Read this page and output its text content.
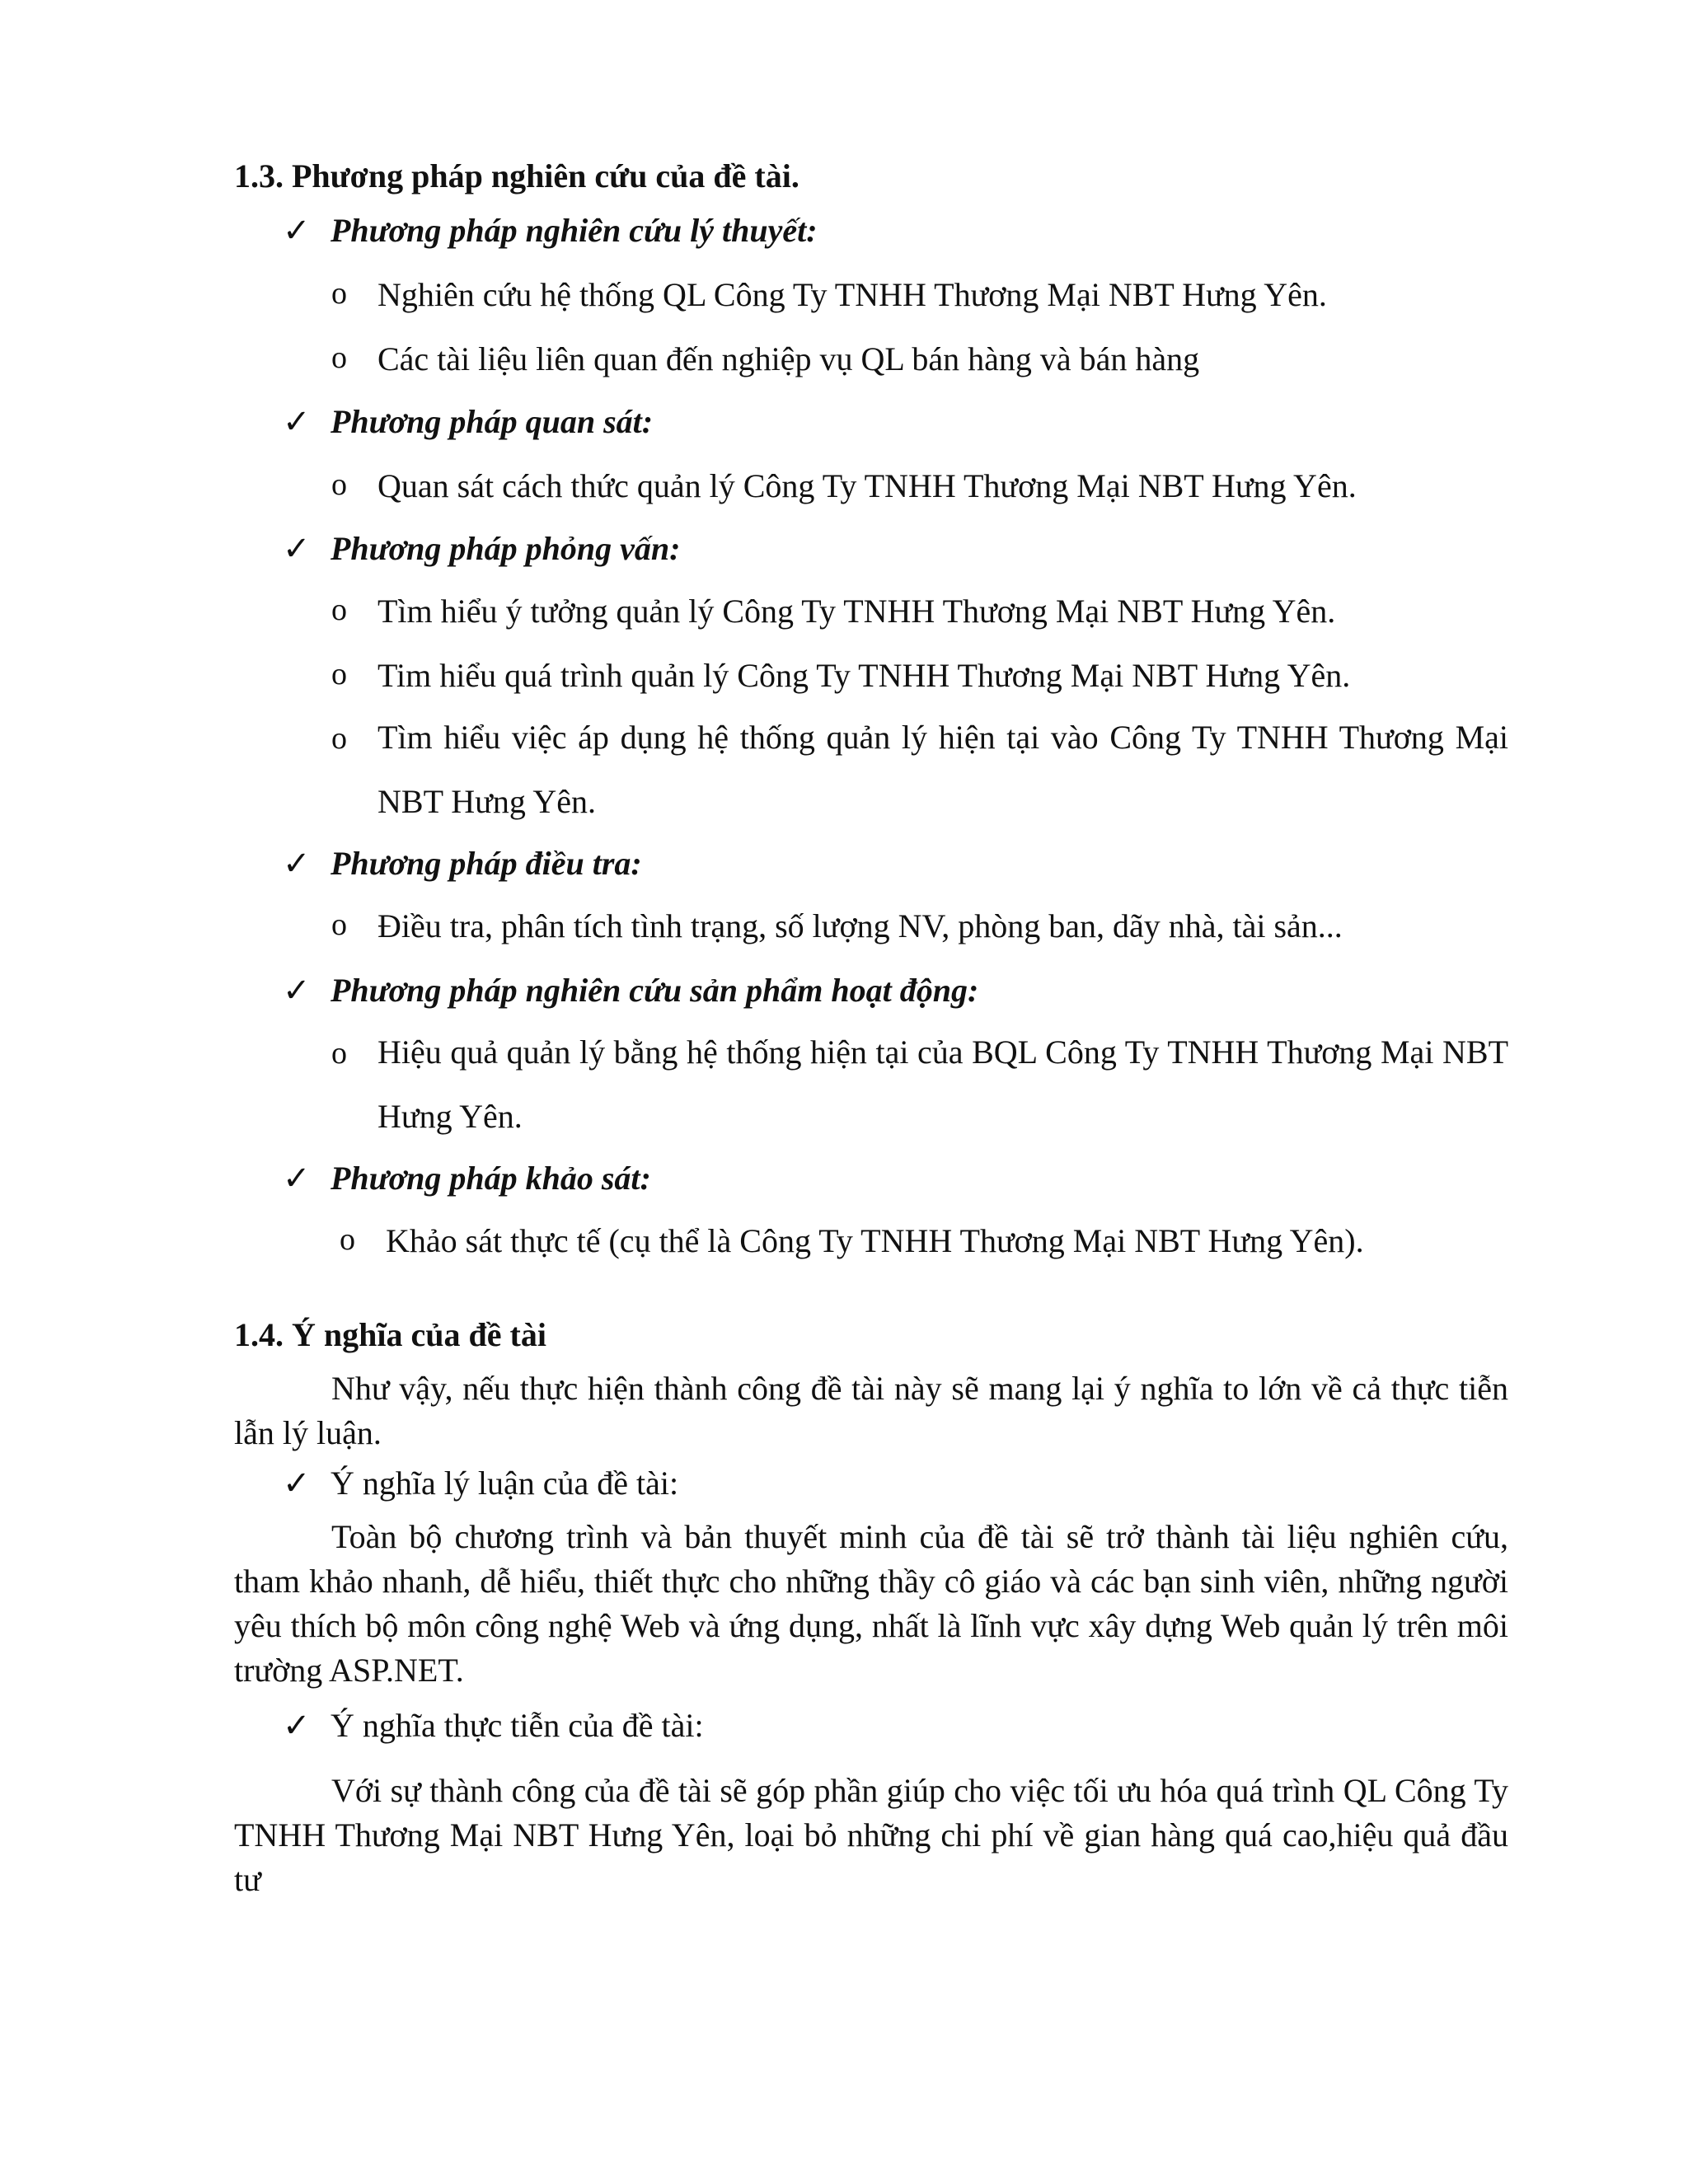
1.3. Phương pháp nghiên cứu của đề tài.
✓ Phương pháp nghiên cứu lý thuyết:
o Nghiên cứu hệ thống QL Công Ty TNHH Thương Mại NBT Hưng Yên.
o Các tài liệu liên quan đến nghiệp vụ QL bán hàng và bán hàng
✓ Phương pháp quan sát:
o Quan sát cách thức quản lý Công Ty TNHH Thương Mại NBT Hưng Yên.
✓ Phương pháp phỏng vấn:
o Tìm hiểu ý tưởng quản lý Công Ty TNHH Thương Mại NBT Hưng Yên.
o Tim hiểu quá trình quản lý Công Ty TNHH Thương Mại NBT Hưng Yên.
o Tìm hiểu việc áp dụng hệ thống quản lý hiện tại vào Công Ty TNHH Thương Mại NBT Hưng Yên.
✓ Phương pháp điều tra:
o Điều tra, phân tích tình trạng, số lượng NV, phòng ban, dãy nhà, tài sản...
✓ Phương pháp nghiên cứu sản phẩm hoạt động:
o Hiệu quả quản lý bằng hệ thống hiện tại của BQL Công Ty TNHH Thương Mại NBT Hưng Yên.
✓ Phương pháp khảo sát:
o Khảo sát thực tế (cụ thể là Công Ty TNHH Thương Mại NBT Hưng Yên).
1.4. Ý nghĩa của đề tài
Như vậy, nếu thực hiện thành công đề tài này sẽ mang lại ý nghĩa to lớn về cả thực tiễn lẫn lý luận.
✓ Ý nghĩa lý luận của đề tài:
Toàn bộ chương trình và bản thuyết minh của đề tài sẽ trở thành tài liệu nghiên cứu, tham khảo nhanh, dễ hiểu, thiết thực cho những thầy cô giáo và các bạn sinh viên, những người yêu thích bộ môn công nghệ Web và ứng dụng, nhất là lĩnh vực xây dựng Web quản lý trên môi trường ASP.NET.
✓ Ý nghĩa thực tiễn của đề tài:
Với sự thành công của đề tài sẽ góp phần giúp cho việc tối ưu hóa quá trình QL Công Ty TNHH Thương Mại NBT Hưng Yên, loại bỏ những chi phí về gian hàng quá cao,hiệu quả đầu tư
